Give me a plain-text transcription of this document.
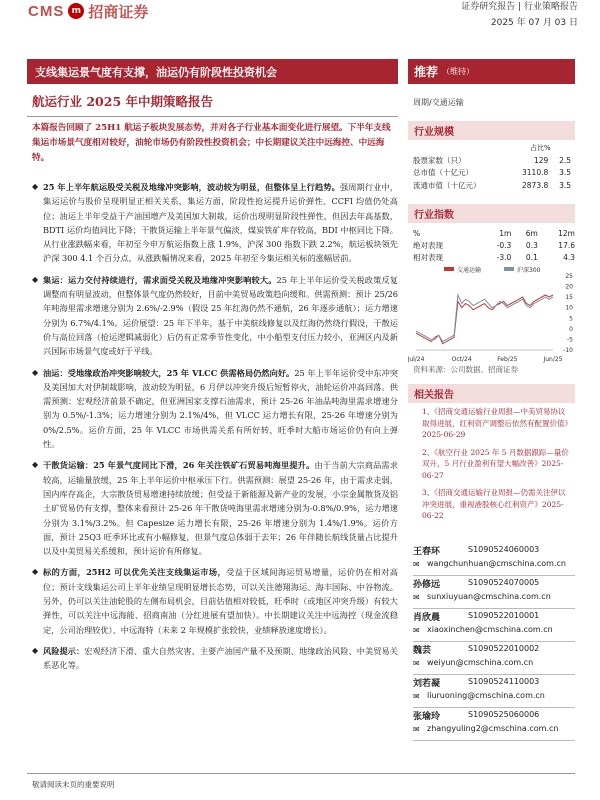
CMS m 招商证券	证券研究报告 | 行业策略报告
2025 年 07 月 03 日
支线集运景气度有支撑，油运仍有阶段性投资机会	推荐 （维持）
航运行业 2025 年中期策略报告	周期/交通运输
本篇报告回顾了 25H1 航运子板块发展态势，并对各子行业基本面变化进行展望。下半年支线集运市场景气度相对较好，油轮市场仍有阶段性投资机会；中长期建议关注中远海控、中远海特。

◆ 25 年上半年航运股受关税及地缘冲突影响，波动较为明显，但整体呈上行趋势。强周期行业中，集运运价与股价呈现明显正相关关系，集运方面，阶段性抢运提升运价弹性、CCFI 均值仍处高位；油运上半年受益于产油国增产及美国加大制裁，运价出现明显阶段性弹性，但因去年高基数，BDTI 运价均值同比下降；干散货运输上半年景气偏淡，煤炭铁矿库存较高，BDI 中枢同比下降。从行业涨跌幅来看，年初至今申万航运指数上涨 1.9%，沪深 300 指数下跌 2.2%，航运板块领先沪深 300 4.1 个百分点，从涨跌幅情况来看，2025 年初至今集运相关标的涨幅居前。

◆ 集运：运力交付持续进行，需求面受关税及地缘冲突影响较大。25 年上半年运价受关税政策反复调整而有明显波动，但整体景气度仍然较好，目前中美贸易政策趋向缓和。供需预测：预计 25/26 年吨海里需求增速分别为 2.6%/-2.9%（假设 25 年红海仍然不通航，26 年逐步通航）；运力增速分别为 6.7%/4.1%。运价展望：25 年下半年，基于中美航线修复以及红海仍然绕行假设，干散运价与高位回落（抢运逻辑减弱化）后仍有正常季节性变化，中小船型支付压力较小，亚洲区内及新兴国际市场景气度或好于平线。

◆ 油运：受地缘政治冲突影响较大，25 年 VLCC 供需格局仍然向好。25 年上半年运价受中东冲突及美国加大对伊制裁影响，波动较为明显，6 月伊以冲突升级后短暂停火，油轮运价冲高回落。供需预测：宏观经济前景不确定，但亚洲国家支撑石油需求，预计 25-26 年油品吨海里需求增速分别为 0.5%/-1.3%；运力增速分别为 2.1%/4%，但 VLCC 运力增长有限，25-26 年增速分别为 0%/2.5%。运价方面，25 年 VLCC 市场供需关系有所好转，旺季时大船市场运价仍有向上弹性。

◆ 干散货运输：25 年景气度同比下滑，26 年关注铁矿石贸易吨海里提升。由于当前大宗商品需求较高，运输量放缓，25 年上半年运价中枢承压下行。供需预测：展望 25-26 年，由于需求走弱，国内库存高企，大宗散货贸易增速持续放缓；但受益于新能源及新产业的发展，小宗金属散货及铝土矿贸易仍有支撑，整体来看预计 25-26 年干散货吨海里需求增速分别为-0.8%/0.9%，运力增速分别为 3.1%/3.2%。但 Capesize 运力增长有限，25-26 年增速分别为 1.4%/1.9%。运价方面，预计 25Q3 旺季环比或有小幅修复，但景气度总体弱于去年；26 年伴随长航线货量占比提升以及中美贸易关系缓和，预计运价有所修复。

◆ 标的方面，25H2 可以优先关注支线集运市场，受益于区域间海运贸易增量，运价仍在相对高位；预计支线集运公司上半年业绩呈现明显增长态势，可以关注德翔海运、海丰国际、中谷物流。另外，仍可以关注油轮股的左侧布局机会，目前估值相对较低，旺季时（或地区冲突升级）有较大弹性，可以关注中远海能、招商南油（分红进展有望加快）。中长期建议关注中远海控（现金流稳定，公司治理较优）、中远海特（未来 2 年规模扩张较快，业绩释放速度增长）。

◆ 风险提示：宏观经济下滑、重大自然灾害、主要产油国产量不及预期、地缘政治风险、中美贸易关系恶化等。

行业规模
占比%
股票家数（只）	129	2.5
总市值（十亿元）	3110.8	3.5
流通市值（十亿元）	2873.8	3.5
行业指数
%	1m	6m	12m
绝对表现	-0.3	0.3	17.6
相对表现	-3.0	0.1	4.3
交通运输	沪深300
25
20
15
10
5
0
-5
-10
Jul/24	Oct/24	Feb/25	Jun/25
资料来源：公司数据、招商证券
相关报告
1、《招商交通运输行业周报—中美贸易协议取得进展，红利资产调整后依然有配置价值》2025-06-29
2、《航空行业 2025 年 5 月数据跟踪—量价双升，5 月行业盈利有望大幅改善》2025-06-27
3、《招商交通运输行业周报—仍需关注伊以冲突进展，重视港股核心红利资产》2025-06-22
王春环	S1090524060003
✉ wangchunhuan@cmschina.com.cn
孙修远	S1090524070005
✉ sunxiuyuan@cmschina.com.cn
肖欣晨	S1090522010001
✉ xiaoxinchen@cmschina.com.cn
魏芸	S1090522010002
✉ weiyun@cmschina.com.cn
刘若凝	S1090524110003
✉ liuruoning@cmschina.com.cn
张瑜玲	S1090525060006
✉ zhangyuling2@cmschina.com.cn
敬请阅读末页的重要说明
